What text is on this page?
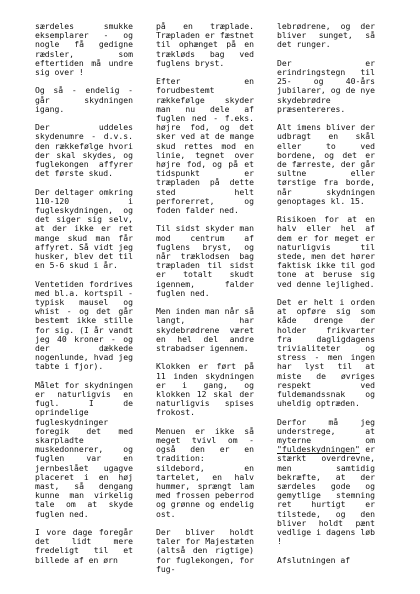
særdeles smukke eksemplarer - og nogle få gedigne rædsler, som eftertiden må undre sig over !

Og så - endelig - går skydningen igang.

Der uddeles skydenumre - d.v.s. den rækkefølge hvori der skal skydes, og fuglekongen affyrer det første skud.

Der deltager omkring 110-120 i fugleskydningen, og det siger sig selv, at der ikke er ret mange skud man får affyret. Så vidt jeg husker, blev det til en 5-6 skud i år.

Ventetiden fordrives med bl.a. kortspil - typisk mausel og whist - og det går bestemt ikke stille for sig. (I år vandt jeg 40 kroner - og der dækkede nogenlunde, hvad jeg tabte i fjor).

Målet for skydningen er naturligvis en fugl. I de oprindelige fugleskydninger foregik det med skarpladte muskedonnerer, og fuglen var en jernbeslået ugagve placeret i en høj mast, så dengang kunne man virkelig tale om at skyde fuglen ned.

I vore dage foregår det lidt mere fredeligt til et billede af en ørn

på en træplade. Træpladen er fæstnet til ophænget på en trækløds bag ved fuglens bryst.

Efter en forudbestemt rækkefølge skyder man nu dele af fuglen ned - f.eks. højre fod, og det sker ved at de mange skud rettes mod en linie, tegnet over højre fod, og på et tidspunkt er træpladen på dette sted helt perforerret, og foden falder ned.

Til sidst skyder man mod centrum af fuglens bryst, og når træklodsen bag træpladen til sidst er totalt skudt igennem, falder fuglen ned.

Men inden man når så langt, har skydebrødrene været en hel del andre strabadser igennem.

Klokken er ført på 11 inden skydningen er i gang, og klokken 12 skal der naturligvis spises frokost.

Menuen er ikke så meget tvivl om - også den er en tradition: sildebord, en tartelet, en halv hummer, sprængt lam med frossen peberrod og grønne og endelig ost.

Der bliver holdt taler for Majestæten (altså den rigtige) for fuglekongen, for fug-

lebrødrene, og der bliver sunget, så det runger.

Der er erindringstegn til 25- og 40-års jubilarer, og de nye skydebrødre præsentereres.

Alt imens bliver der udbragt en skål eller to ved bordene, og det er de færreste, der går sultne eller tørstige fra borde, når skydningen genoptages kl. 15.

Risikoen for at en halv eller hel af dem er for meget er naturligvis til stede, men det hører faktisk ikke til god tone at beruse sig ved denne lejlighed.

Det er helt i orden at opføre sig som kåde drenge der holder frikvarter fra dagligdagens trivialiteter og stress - men ingen har lyst til at miste de øvriges respekt ved fuldemandssnak og uheldig optræden.

Derfor må jeg understrege, at myterne om "fuldeskydningen" er stærkt overdrevne, men samtidig bekræfte, at der særdeles gode og gemytlige stemning ret hurtigt er tilstede, og den bliver holdt pænt vedlige i dagens løb !

Afslutningen af
